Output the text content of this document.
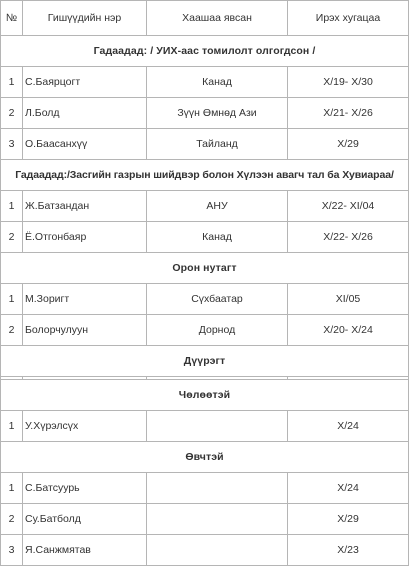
№	Гишүүдийн нэр	Хаашаа явсан	Ирэх хугацаа
Гадаадад: / УИХ-аас томилолт олгогдсон /			
1	С.Баярцогт	Канад	X/19- X/30
2	Л.Болд	Зүүн Өмнөд Ази	X/21- X/26
3	О.Баасанхүү	Тайланд	X/29
Гадаадад:/Засгийн газрын шийдвэр болон Хүлээн авагч тал ба Хувиараа/			
1	Ж.Батзандан	АНУ	X/22- XI/04
2	Ё.Отгонбаяр	Канад	X/22- X/26
Орон нутагт			
1	М.Зоригт	Сүхбаатар	XI/05
2	Болорчулуун	Дорнод	X/20- X/24
Дүүрэгт			

Чөлөөтэй			
1	У.Хүрэлсүх		X/24
Өвчтэй			
1	С.Батсуурь		X/24
2	Су.Батболд		X/29
3	Я.Санжмятав		X/23
